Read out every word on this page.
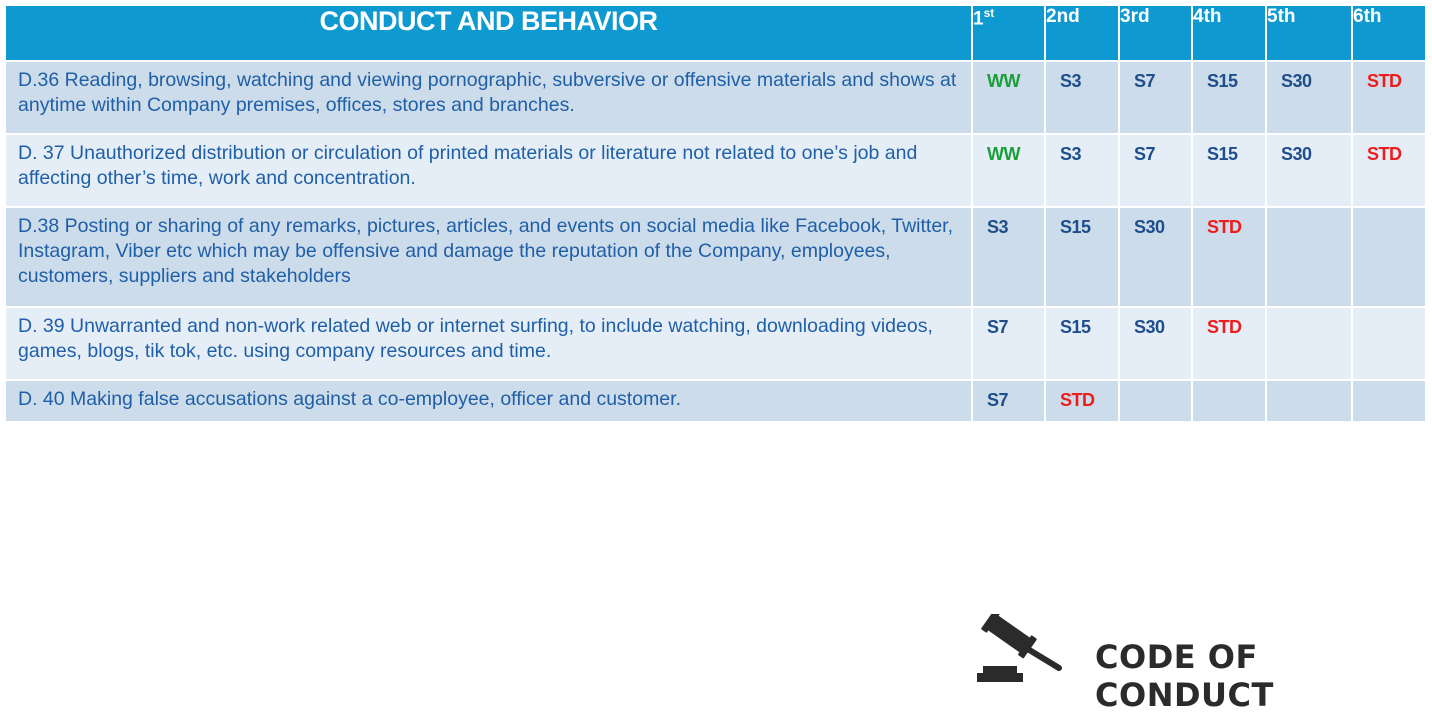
CONDUCT AND BEHAVIOR	1st	2nd	3rd	4th	5th	6th
D.36 Reading, browsing, watching and viewing pornographic, subversive or offensive materials and shows at anytime within Company premises, offices, stores and branches.	WW	S3	S7	S15	S30	STD
D. 37 Unauthorized distribution or circulation of printed materials or literature not related to one’s job and affecting other’s time, work and concentration.	WW	S3	S7	S15	S30	STD
D.38 Posting or sharing of any remarks, pictures, articles, and events on social media like Facebook, Twitter, Instagram, Viber etc which may be offensive and damage the reputation of the Company, employees, customers, suppliers and stakeholders	S3	S15	S30	STD		
D. 39 Unwarranted and non-work related web or internet surfing, to include watching, downloading videos, games, blogs, tik tok, etc. using company resources and time.	S7	S15	S30	STD		
D. 40 Making false accusations against a co-employee, officer and customer.	S7	STD				
CODE OF CONDUCT
